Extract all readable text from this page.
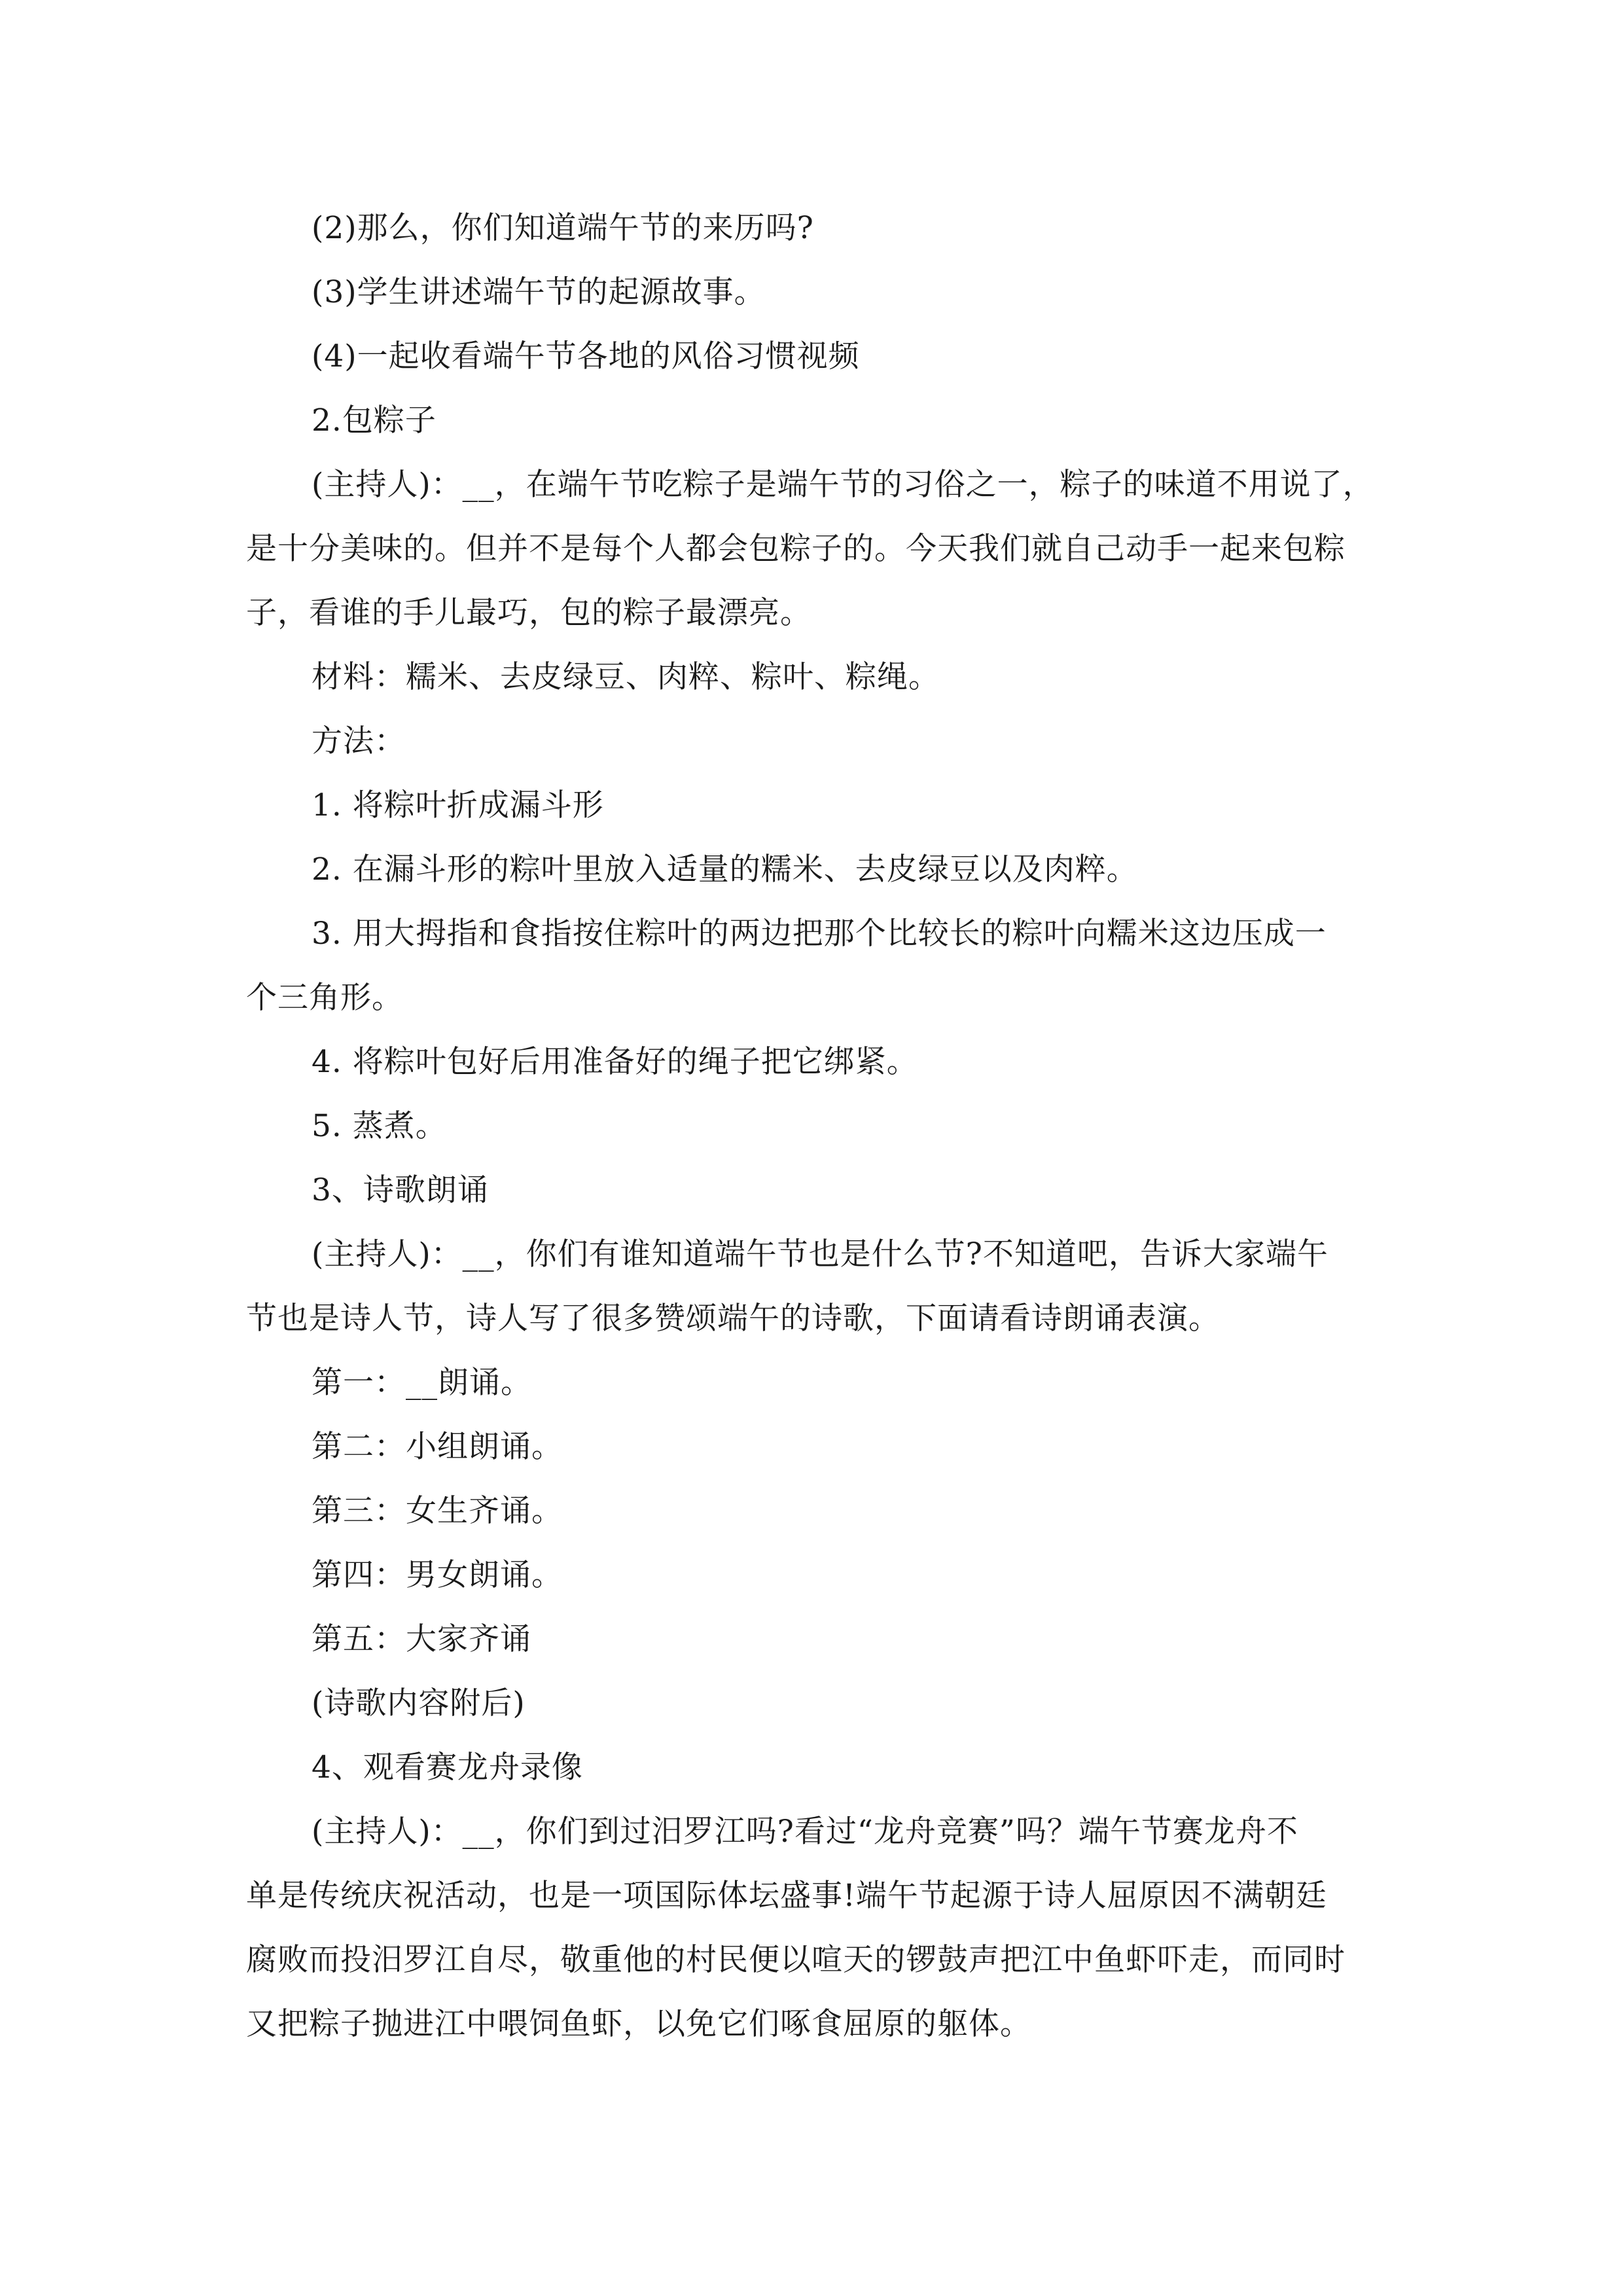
(2)那么，你们知道端午节的来历吗?

(3)学生讲述端午节的起源故事。

(4)一起收看端午节各地的风俗习惯视频

2.包粽子

(主持人)：__，在端午节吃粽子是端午节的习俗之一，粽子的味道不用说了，

是十分美味的。但并不是每个人都会包粽子的。今天我们就自己动手一起来包粽

子，看谁的手儿最巧，包的粽子最漂亮。

材料：糯米、去皮绿豆、肉粹、粽叶、粽绳。

方法：

1. 将粽叶折成漏斗形

2. 在漏斗形的粽叶里放入适量的糯米、去皮绿豆以及肉粹。

3. 用大拇指和食指按住粽叶的两边把那个比较长的粽叶向糯米这边压成一

个三角形。

4. 将粽叶包好后用准备好的绳子把它绑紧。

5. 蒸煮。

3、诗歌朗诵

(主持人)：__，你们有谁知道端午节也是什么节?不知道吧，告诉大家端午

节也是诗人节，诗人写了很多赞颂端午的诗歌，下面请看诗朗诵表演。

第一：__朗诵。

第二：小组朗诵。

第三：女生齐诵。

第四：男女朗诵。

第五：大家齐诵

(诗歌内容附后)

4、观看赛龙舟录像

(主持人)：__，你们到过汨罗江吗?看过“龙舟竞赛”吗？端午节赛龙舟不

单是传统庆祝活动，也是一项国际体坛盛事!端午节起源于诗人屈原因不满朝廷

腐败而投汨罗江自尽，敬重他的村民便以喧天的锣鼓声把江中鱼虾吓走，而同时

又把粽子抛进江中喂饲鱼虾，以免它们啄食屈原的躯体。
